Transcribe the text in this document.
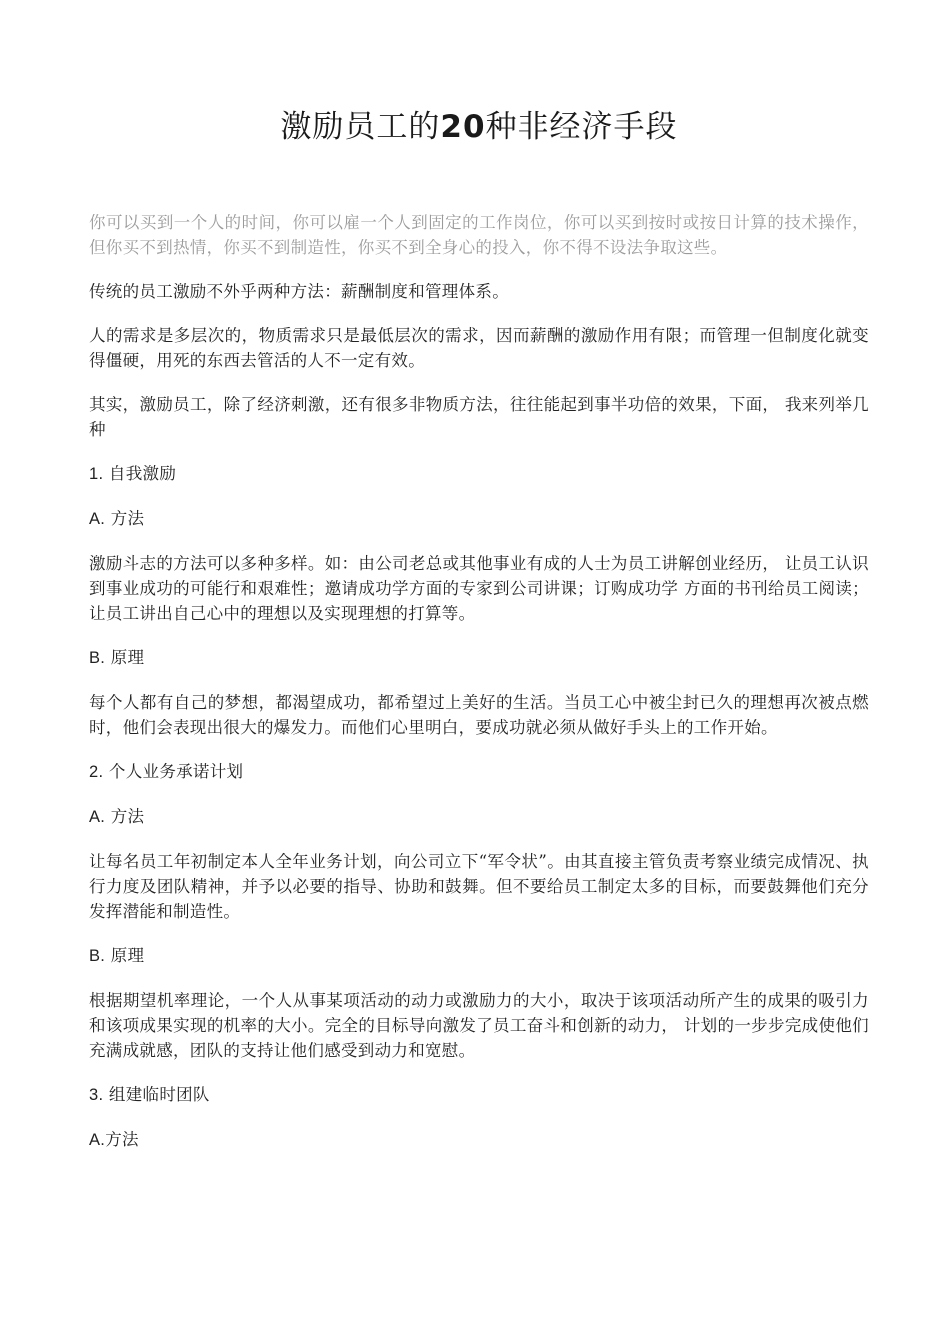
激励员工的20种非经济手段

你可以买到一个人的时间，你可以雇一个人到固定的工作岗位，你可以买到按时或按日计算的技术操作，但你买不到热情，你买不到制造性，你买不到全身心的投入，你不得不设法争取这些。

传统的员工激励不外乎两种方法：薪酬制度和管理体系。

人的需求是多层次的，物质需求只是最低层次的需求，因而薪酬的激励作用有限；而管理一但制度化就变得僵硬，用死的东西去管活的人不一定有效。

其实，激励员工，除了经济刺激，还有很多非物质方法，往往能起到事半功倍的效果，下面， 我来列举几种

1. 自我激励

A. 方法

激励斗志的方法可以多种多样。如：由公司老总或其他事业有成的人士为员工讲解创业经历， 让员工认识到事业成功的可能行和艰难性；邀请成功学方面的专家到公司讲课；订购成功学 方面的书刊给员工阅读；让员工讲出自己心中的理想以及实现理想的打算等。

B. 原理

每个人都有自己的梦想，都渴望成功，都希望过上美好的生活。当员工心中被尘封已久的理想再次被点燃时，他们会表现出很大的爆发力。而他们心里明白，要成功就必须从做好手头上的工作开始。

2. 个人业务承诺计划

A. 方法

让每名员工年初制定本人全年业务计划，向公司立下“军令状”。由其直接主管负责考察业绩完成情况、执行力度及团队精神，并予以必要的指导、协助和鼓舞。但不要给员工制定太多的目标，而要鼓舞他们充分发挥潜能和制造性。

B. 原理

根据期望机率理论，一个人从事某项活动的动力或激励力的大小，取决于该项活动所产生的成果的吸引力和该项成果实现的机率的大小。完全的目标导向激发了员工奋斗和创新的动力， 计划的一步步完成使他们充满成就感，团队的支持让他们感受到动力和宽慰。

3. 组建临时团队

A.方法
